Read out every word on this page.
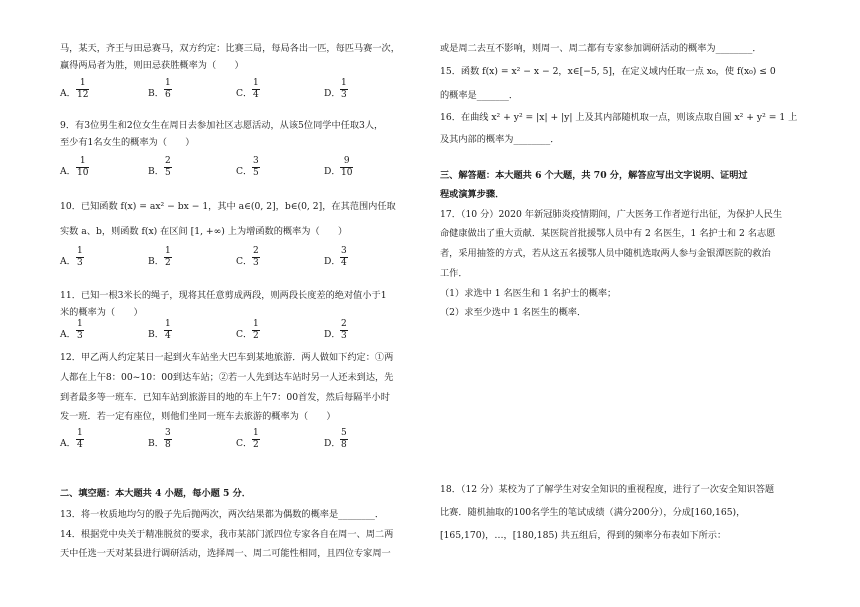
马，某天，齐王与田忌赛马，双方约定：比赛三局，每局各出一匹，每匹马赛一次，
赢得两局者为胜，则田忌获胜概率为（　　）
A． $\frac{1}{12}$	B． $\frac{1}{6}$	C． $\frac{1}{4}$	D． $\frac{1}{3}$
9．有3位男生和2位女生在周日去参加社区志愿活动，从该5位同学中任取3人，
至少有1名女生的概率为（　　）
A． $\frac{1}{10}$	B． $\frac{2}{5}$	C． $\frac{3}{5}$	D． $\frac{9}{10}$
10．已知函数 f(x) = ax² − bx − 1，其中 a∈(0, 2]，b∈(0, 2]，在其范围内任取
实数 a、b，则函数 f(x) 在区间 [1, +∞) 上为增函数的概率为（　　）
A． $\frac{1}{3}$	B． $\frac{1}{2}$	C． $\frac{2}{3}$	D． $\frac{3}{4}$
11．已知一根3米长的绳子，现将其任意剪成两段，则两段长度差的绝对值小于1
米的概率为（　　）
A． $\frac{1}{3}$	B． $\frac{1}{4}$	C． $\frac{1}{2}$	D． $\frac{2}{3}$
12．甲乙两人约定某日一起到火车站坐大巴车到某地旅游．两人做如下约定：①两
人都在上午8：00~10：00到达车站；②若一人先到达车站时另一人还未到达，先
到者最多等一班车．已知车站到旅游目的地的车上午7：00首发，然后每隔半小时
发一班．若一定有座位，则他们坐同一班车去旅游的概率为（　　）
A． $\frac{1}{4}$	B． $\frac{3}{8}$	C． $\frac{1}{2}$	D． $\frac{5}{8}$
二、填空题：本大题共 4 小题，每小题 5 分．
13．将一枚质地均匀的骰子先后抛两次，两次结果都为偶数的概率是________．
14．根据党中央关于精准脱贫的要求，我市某部门派四位专家各自在周一、周二两
天中任选一天对某县进行调研活动，选择周一、周二可能性相同，且四位专家周一
或是周二去互不影响，则周一、周二都有专家参加调研活动的概率为________．
15．函数 f(x) = x² − x − 2，x∈[−5, 5]，在定义域内任取一点 x₀，使 f(x₀) ≤ 0
的概率是_______．
16．在曲线 x² + y² = |x| + |y| 上及其内部随机取一点，则该点取自圆 x² + y² = 1 上
及其内部的概率为________．
三、解答题：本大题共 6 个大题，共 70 分，解答应写出文字说明、证明过
程或演算步骤．
17．（10 分）2020 年新冠肺炎疫情期间，广大医务工作者逆行出征，为保护人民生
命健康做出了重大贡献．某医院首批援鄂人员中有 2 名医生，1 名护士和 2 名志愿
者，采用抽签的方式，若从这五名援鄂人员中随机选取两人参与金银潭医院的救治
工作．
（1）求选中 1 名医生和 1 名护士的概率；
（2）求至少选中 1 名医生的概率．
18．（12 分）某校为了了解学生对安全知识的重视程度，进行了一次安全知识答题
比赛．随机抽取的100名学生的笔试成绩（满分200分），分成[160,165)，
[165,170)，…，[180,185) 共五组后，得到的频率分布表如下所示：
